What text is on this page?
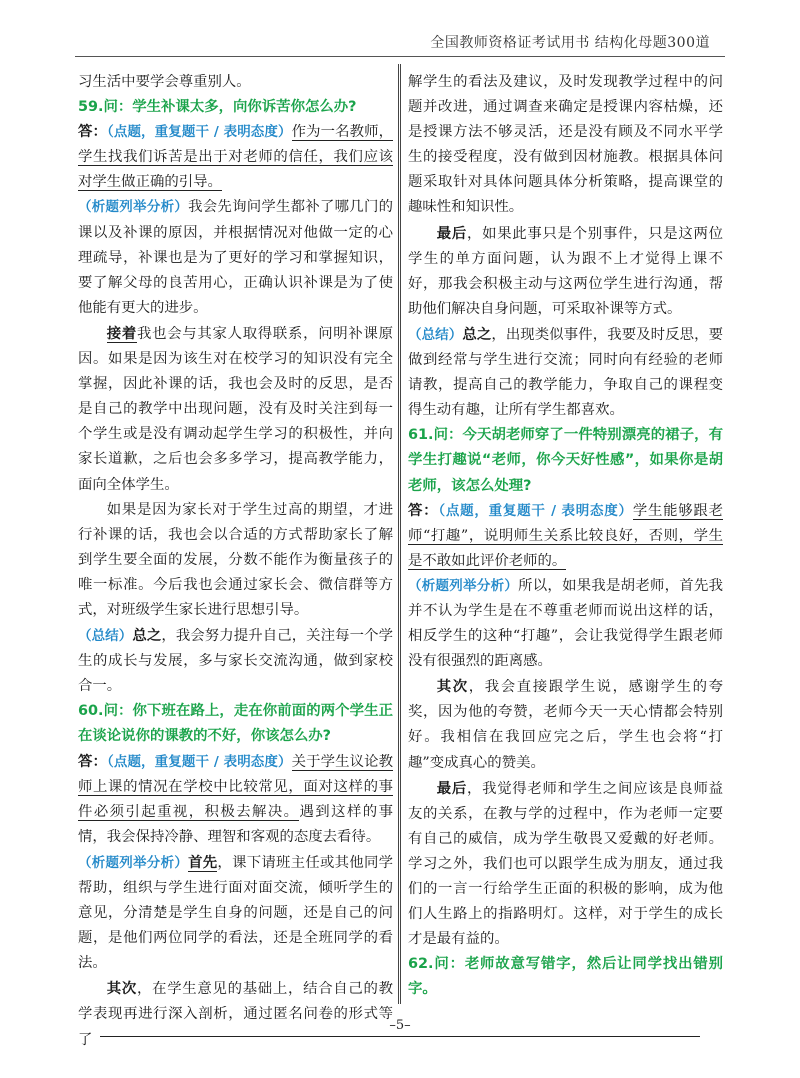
全国教师资格证考试用书 结构化母题300道

习生活中要学会尊重别人。

59.问：学生补课太多，向你诉苦你怎么办?

答：（点题，重复题干 / 表明态度）作为一名教师，学生找我们诉苦是出于对老师的信任，我们应该对学生做正确的引导。

（析题列举分析）我会先询问学生都补了哪几门的课以及补课的原因，并根据情况对他做一定的心理疏导，补课也是为了更好的学习和掌握知识，要了解父母的良苦用心，正确认识补课是为了使他能有更大的进步。

接着我也会与其家人取得联系，问明补课原因。如果是因为该生对在校学习的知识没有完全掌握，因此补课的话，我也会及时的反思，是否是自己的教学中出现问题，没有及时关注到每一个学生或是没有调动起学生学习的积极性，并向家长道歉，之后也会多多学习，提高教学能力，面向全体学生。

如果是因为家长对于学生过高的期望，才进行补课的话，我也会以合适的方式帮助家长了解到学生要全面的发展，分数不能作为衡量孩子的唯一标准。今后我也会通过家长会、微信群等方式，对班级学生家长进行思想引导。

（总结）总之，我会努力提升自己，关注每一个学生的成长与发展，多与家长交流沟通，做到家校合一。

60.问：你下班在路上，走在你前面的两个学生正在谈论说你的课教的不好，你该怎么办?

答：（点题，重复题干 / 表明态度）关于学生议论教师上课的情况在学校中比较常见，面对这样的事件必须引起重视，积极去解决。遇到这样的事情，我会保持冷静、理智和客观的态度去看待。

（析题列举分析）首先，课下请班主任或其他同学帮助，组织与学生进行面对面交流，倾听学生的意见，分清楚是学生自身的问题，还是自己的问题，是他们两位同学的看法，还是全班同学的看法。

其次，在学生意见的基础上，结合自己的教学表现再进行深入剖析，通过匿名问卷的形式等了

解学生的看法及建议，及时发现教学过程中的问题并改进，通过调查来确定是授课内容枯燥，还是授课方法不够灵活，还是没有顾及不同水平学生的接受程度，没有做到因材施教。根据具体问题采取针对具体问题具体分析策略，提高课堂的趣味性和知识性。

最后，如果此事只是个别事件，只是这两位学生的单方面问题，认为跟不上才觉得上课不好，那我会积极主动与这两位学生进行沟通，帮助他们解决自身问题，可采取补课等方式。

（总结）总之，出现类似事件，我要及时反思，要做到经常与学生进行交流；同时向有经验的老师请教，提高自己的教学能力，争取自己的课程变得生动有趣，让所有学生都喜欢。

61.问：今天胡老师穿了一件特别漂亮的裙子，有学生打趣说“老师，你今天好性感”，如果你是胡老师，该怎么处理?

答：（点题，重复题干 / 表明态度）学生能够跟老师“打趣”，说明师生关系比较良好，否则，学生是不敢如此评价老师的。

（析题列举分析）所以，如果我是胡老师，首先我并不认为学生是在不尊重老师而说出这样的话，相反学生的这种“打趣”，会让我觉得学生跟老师没有很强烈的距离感。

其次，我会直接跟学生说，感谢学生的夸奖，因为他的夸赞，老师今天一天心情都会特别好。我相信在我回应完之后，学生也会将“打趣”变成真心的赞美。

最后，我觉得老师和学生之间应该是良师益友的关系，在教与学的过程中，作为老师一定要有自己的威信，成为学生敬畏又爱戴的好老师。学习之外，我们也可以跟学生成为朋友，通过我们的一言一行给学生正面的积极的影响，成为他们人生路上的指路明灯。这样，对于学生的成长才是最有益的。

62.问：老师故意写错字，然后让同学找出错别字。

–5–
